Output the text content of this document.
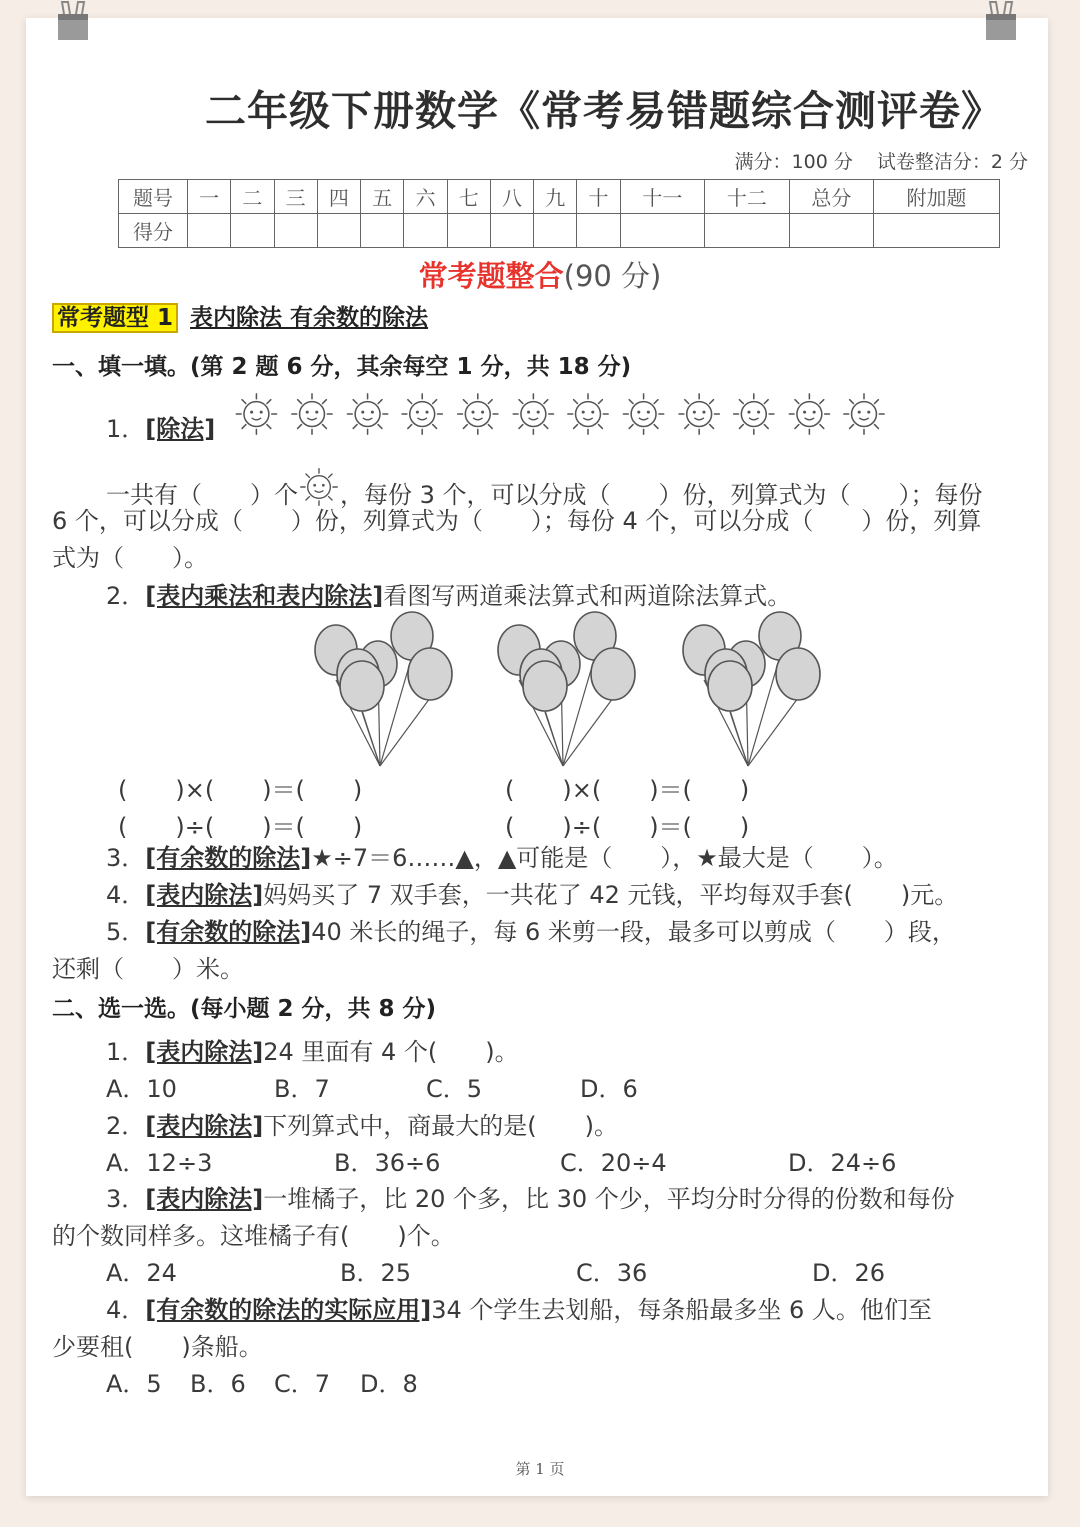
二年级下册数学《常考易错题综合测评卷》
满分：100 分 试卷整洁分：2 分
题号	一	二	三	四	五	六	七	八	九	十	十一	十二	总分	附加题
得分														
常考题整合(90 分)
常考题型 1 表内除法 有余数的除法
一、填一填。(第 2 题 6 分，其余每空 1 分，共 18 分)
1．[除法]
一共有（　　）个 ，每份 3 个，可以分成（　　）份，列算式为（　　）；每份
6 个，可以分成（　　）份，列算式为（　　）；每份 4 个，可以分成（　　）份，列算
式为（　　）。
2．[表内乘法和表内除法]看图写两道乘法算式和两道除法算式。
(　　)×(　　)＝(　　)	(　　)×(　　)＝(　　)
(　　)÷(　　)＝(　　)	(　　)÷(　　)＝(　　)
3．[有余数的除法]★÷7＝6……▲，▲可能是（　　），★最大是（　　）。
4．[表内除法]妈妈买了 7 双手套，一共花了 42 元钱，平均每双手套(　　)元。
5．[有余数的除法]40 米长的绳子，每 6 米剪一段，最多可以剪成（　　）段，
还剩（　　）米。
二、选一选。(每小题 2 分，共 8 分)
1．[表内除法]24 里面有 4 个(　　)。
A．10	B．7	C．5	D．6
2．[表内除法]下列算式中，商最大的是(　　)。
A．12÷3	B．36÷6	C．20÷4	D．24÷6
3．[表内除法]一堆橘子，比 20 个多，比 30 个少，平均分时分得的份数和每份
的个数同样多。这堆橘子有(　　)个。
A．24	B．25	C．36	D．26
4．[有余数的除法的实际应用]34 个学生去划船，每条船最多坐 6 人。他们至
少要租(　　)条船。
A．5 B．6 C．7 D．8
第 1 页
